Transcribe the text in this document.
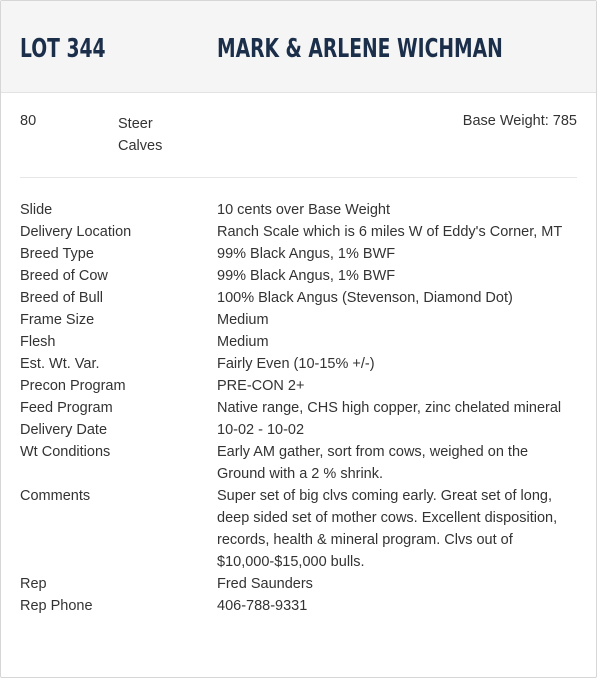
LOT 344	MARK & ARLENE WICHMAN
80	Steer
Calves
Base Weight: 785
Slide	10 cents over Base Weight
Delivery Location	Ranch Scale which is 6 miles W of Eddy's Corner, MT
Breed Type	99% Black Angus, 1% BWF
Breed of Cow	99% Black Angus, 1% BWF
Breed of Bull	100% Black Angus (Stevenson, Diamond Dot)
Frame Size	Medium
Flesh	Medium
Est. Wt. Var.	Fairly Even (10-15% +/-)
Precon Program	PRE-CON 2+
Feed Program	Native range, CHS high copper, zinc chelated mineral
Delivery Date	10-02 - 10-02
Wt Conditions	Early AM gather, sort from cows, weighed on the Ground with a 2 % shrink.
Comments	Super set of big clvs coming early. Great set of long, deep sided set of mother cows. Excellent disposition, records, health & mineral program. Clvs out of $10,000-$15,000 bulls.
Rep	Fred Saunders
Rep Phone	406-788-9331
